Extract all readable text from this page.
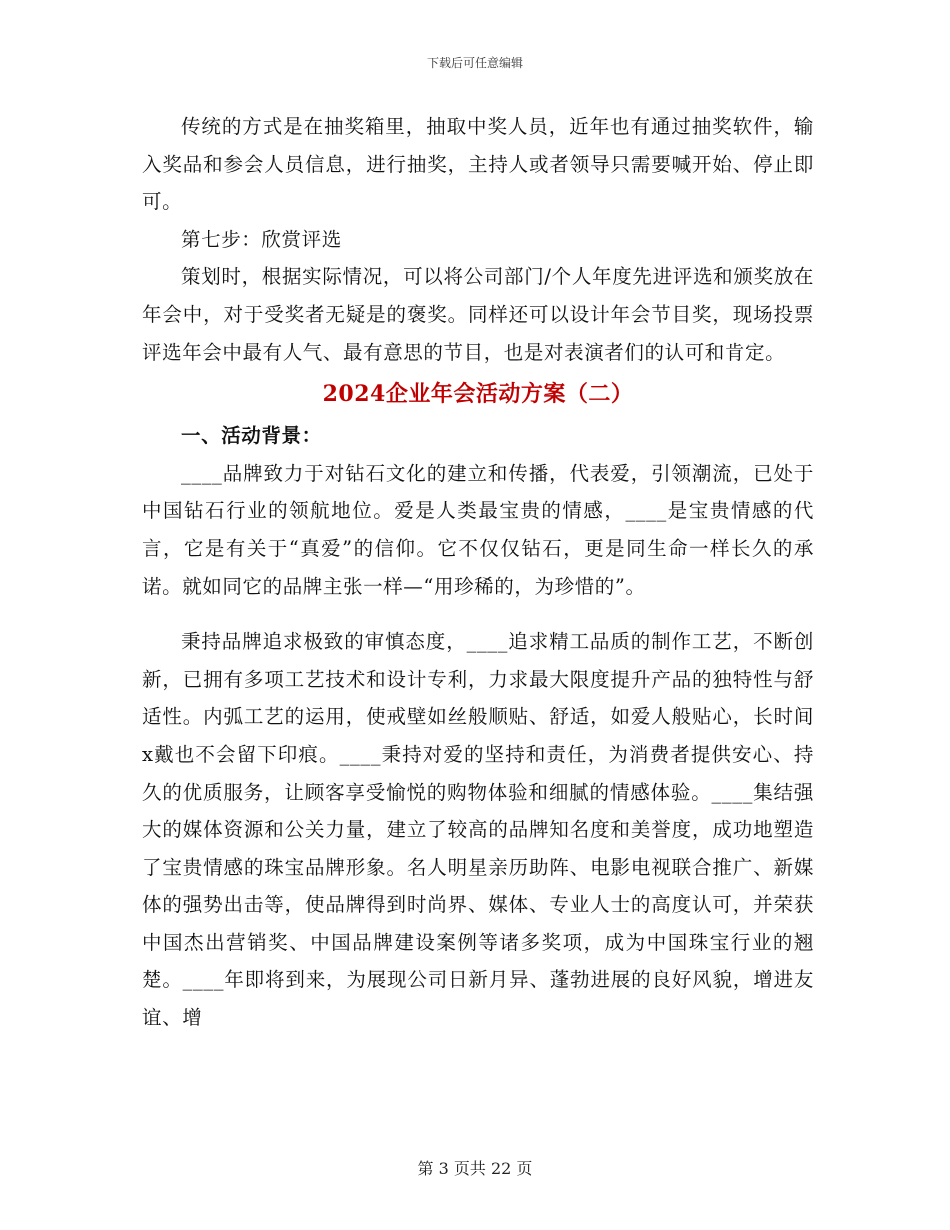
下载后可任意编辑

传统的方式是在抽奖箱里，抽取中奖人员，近年也有通过抽奖软件，输入奖品和参会人员信息，进行抽奖，主持人或者领导只需要喊开始、停止即可。

第七步：欣赏评选

策划时，根据实际情况，可以将公司部门/个人年度先进评选和颁奖放在年会中，对于受奖者无疑是的褒奖。同样还可以设计年会节目奖，现场投票评选年会中最有人气、最有意思的节目，也是对表演者们的认可和肯定。

2024企业年会活动方案（二）

一、活动背景：

____品牌致力于对钻石文化的建立和传播，代表爱，引领潮流，已处于中国钻石行业的领航地位。爱是人类最宝贵的情感，____是宝贵情感的代言，它是有关于“真爱”的信仰。它不仅仅钻石，更是同生命一样长久的承诺。就如同它的品牌主张一样—“用珍稀的，为珍惜的”。

秉持品牌追求极致的审慎态度，____追求精工品质的制作工艺，不断创新，已拥有多项工艺技术和设计专利，力求最大限度提升产品的独特性与舒适性。内弧工艺的运用，使戒壁如丝般顺贴、舒适，如爱人般贴心，长时间x戴也不会留下印痕。____秉持对爱的坚持和责任，为消费者提供安心、持久的优质服务，让顾客享受愉悦的购物体验和细腻的情感体验。____集结强大的媒体资源和公关力量，建立了较高的品牌知名度和美誉度，成功地塑造了宝贵情感的珠宝品牌形象。名人明星亲历助阵、电影电视联合推广、新媒体的强势出击等，使品牌得到时尚界、媒体、专业人士的高度认可，并荣获中国杰出营销奖、中国品牌建设案例等诸多奖项，成为中国珠宝行业的翘楚。____年即将到来，为展现公司日新月异、蓬勃进展的良好风貌，增进友谊、增

第 3 页共 22 页
